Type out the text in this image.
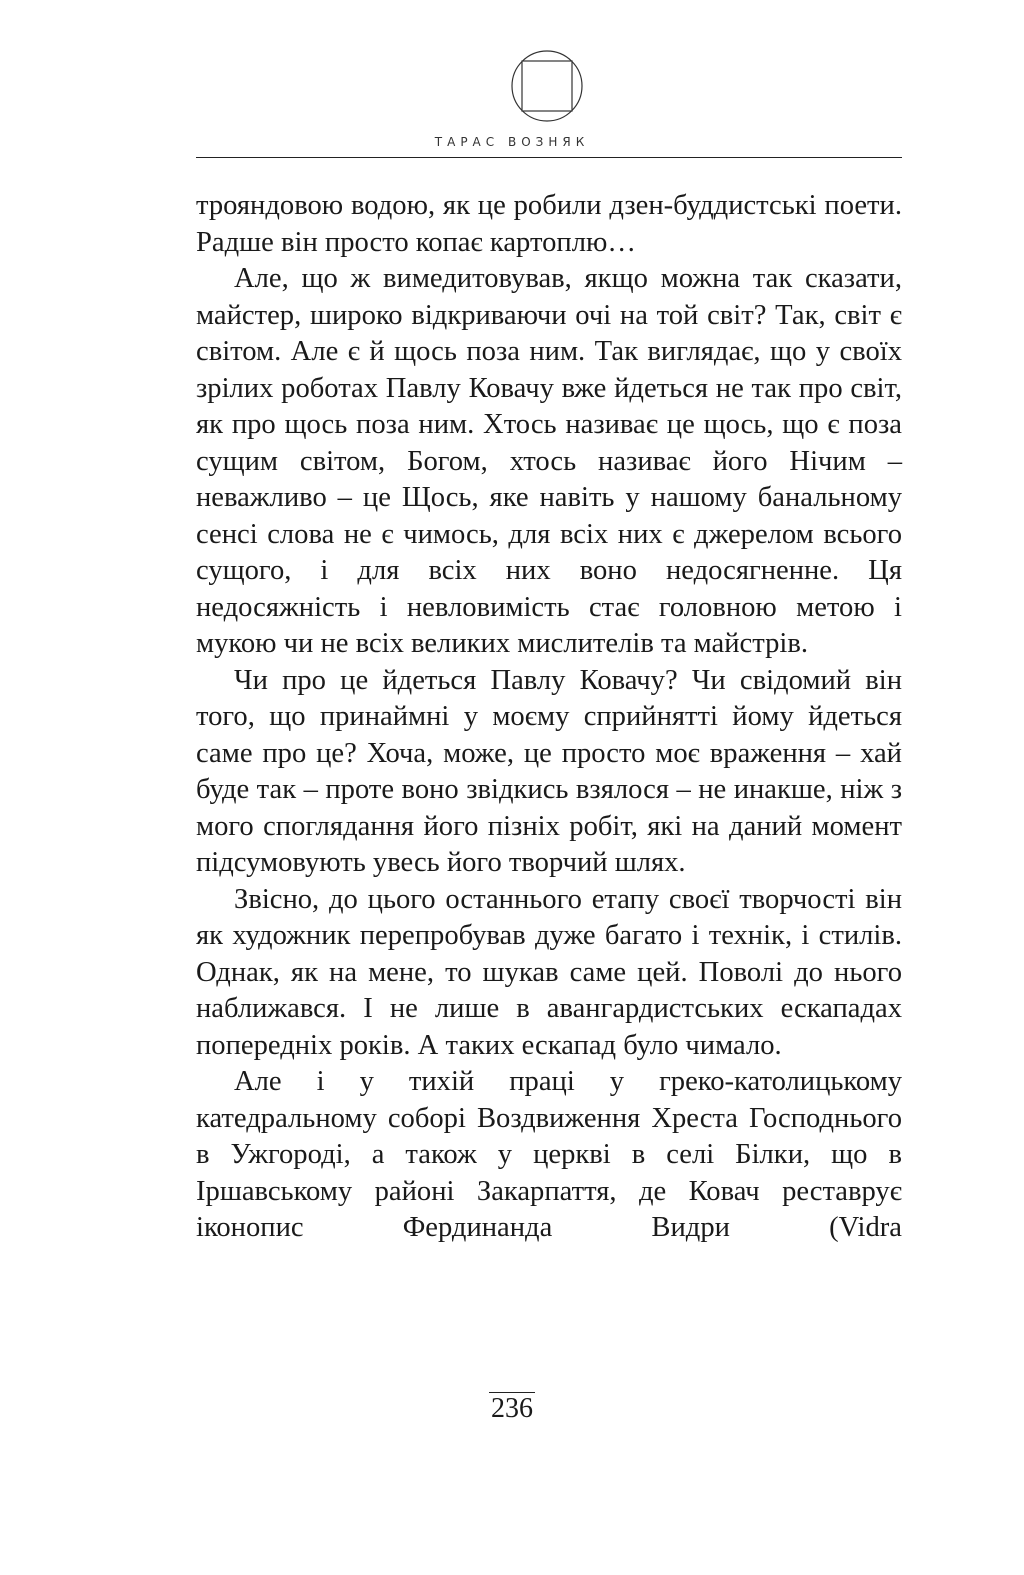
ТАРАС ВОЗНЯК

трояндовою водою, як це робили дзен-буддистські поети. Радше він просто копає картоплю…

Але, що ж вимедитовував, якщо можна так сказати, майстер, широко відкриваючи очі на той світ? Так, світ є світом. Але є й щось поза ним. Так виглядає, що у своїх зрілих роботах Павлу Ковачу вже йдеться не так про світ, як про щось поза ним. Хтось називає це щось, що є поза сущим світом, Богом, хтось називає його Нічим – неважливо – це Щось, яке навіть у нашому банальному сенсі слова не є чимось, для всіх них є джерелом всього сущого, і для всіх них воно недосягненне. Ця недосяжність і невловимість стає головною метою і мукою чи не всіх великих мислителів та майстрів.

Чи про це йдеться Павлу Ковачу? Чи свідомий він того, що принаймні у моєму сприйнятті йому йдеться саме про це? Хоча, може, це просто моє враження – хай буде так – проте воно звідкись взялося – не инакше, ніж з мого споглядання його пізніх робіт, які на даний момент підсумовують увесь його творчий шлях.

Звісно, до цього останнього етапу своєї творчості він як художник перепробував дуже багато і технік, і стилів. Однак, як на мене, то шукав саме цей. Поволі до нього наближався. І не лише в авангардистських ескападах попередніх років. А таких ескапад було чимало.

Але і у тихій праці у греко-католицькому катедральному соборі Воздвиження Хреста Господнього в Ужгороді, а також у церкві в селі Білки, що в Іршавському районі Закарпаття, де Ковач реставрує іконопис Фердинанда Видри (Vidra

236
